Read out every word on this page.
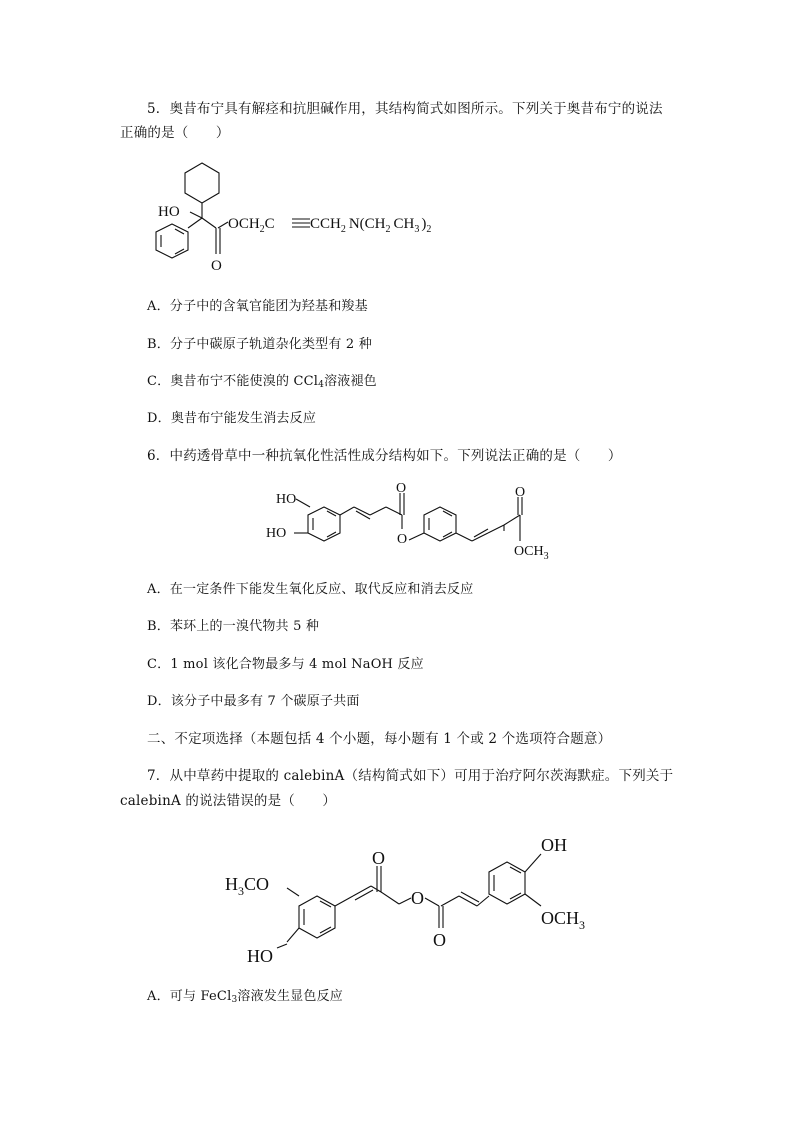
5．奥昔布宁具有解痉和抗胆碱作用，其结构简式如图所示。下列关于奥昔布宁的说法
正确的是（　　）
HO
O
$OCH_2C$ $CCH_2$ $N(CH_2$ $CH_3$ )$_2$
A．分子中的含氧官能团为羟基和羧基
B．分子中碳原子轨道杂化类型有 2 种
C．奥昔布宁不能使溴的 CCl$_4$溶液褪色
D．奥昔布宁能发生消去反应
6．中药透骨草中一种抗氧化性活性成分结构如下。下列说法正确的是（　　）
HO
HO
O
O
O
$OCH_3$
A．在一定条件下能发生氧化反应、取代反应和消去反应
B．苯环上的一溴代物共 5 种
C．1 mol 该化合物最多与 4 mol NaOH 反应
D．该分子中最多有 7 个碳原子共面
二、不定项选择（本题包括 4 个小题，每小题有 1 个或 2 个选项符合题意）
7．从中草药中提取的 calebinA（结构简式如下）可用于治疗阿尔茨海默症。下列关于
calebinA 的说法错误的是（　　）
$H_3CO$
HO
O
O
O
OH
$OCH_3$
A．可与 FeCl$_3$溶液发生显色反应
